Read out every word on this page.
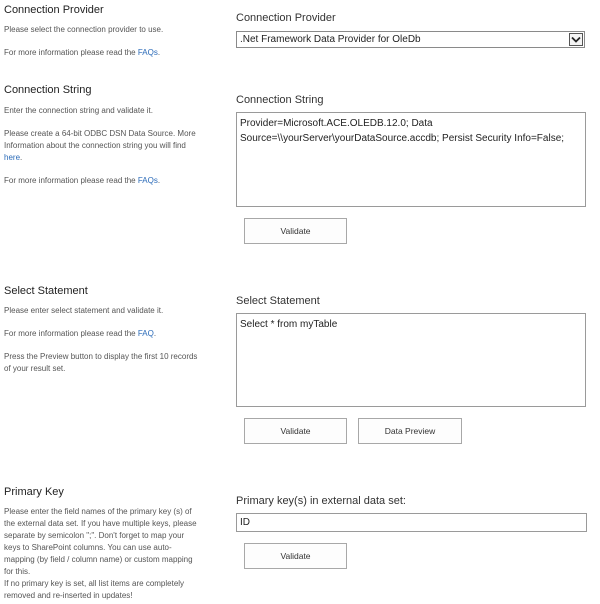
Connection Provider

Please select the connection provider to use.

For more information please read the FAQs.

Connection Provider
.Net Framework Data Provider for OleDb
Connection String

Enter the connection string and validate it.

Please create a 64-bit ODBC DSN Data Source. More Information about the connection string you will find here.

For more information please read the FAQs.

Connection String
Provider=Microsoft.ACE.OLEDB.12.0; Data Source=\\yourServer\yourDataSource.accdb; Persist Security Info=False;
Validate
Select Statement

Please enter select statement and validate it.

For more information please read the FAQ.

Press the Preview button to display the first 10 records of your result set.

Select Statement
Select * from myTable
Validate	Data Preview
Primary Key

Please enter the field names of the primary key (s) of the external data set. If you have multiple keys, please separate by semicolon ";". Don't forget to map your keys to SharePoint columns. You can use auto-mapping (by field / column name) or custom mapping for this.

If no primary key is set, all list items are completely removed and re-inserted in updates!

Primary key(s) in external data set:
ID
Validate
